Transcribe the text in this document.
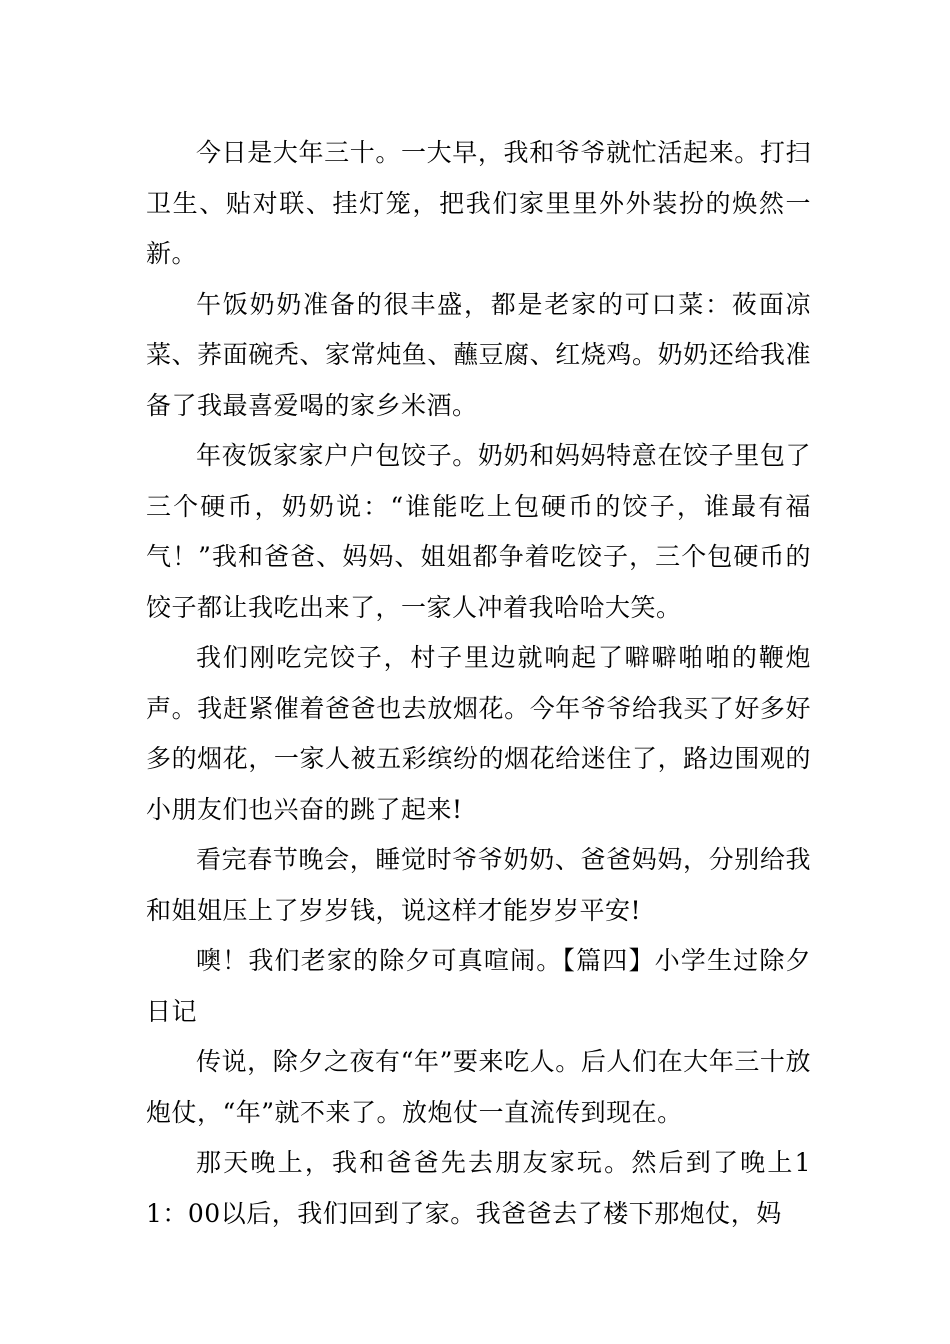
今日是大年三十。一大早，我和爷爷就忙活起来。打扫卫生、贴对联、挂灯笼，把我们家里里外外装扮的焕然一新。

午饭奶奶准备的很丰盛，都是老家的可口菜：莜面凉菜、荞面碗秃、家常炖鱼、蘸豆腐、红烧鸡。奶奶还给我准备了我最喜爱喝的家乡米酒。

年夜饭家家户户包饺子。奶奶和妈妈特意在饺子里包了三个硬币，奶奶说：“谁能吃上包硬币的饺子，谁最有福气！”我和爸爸、妈妈、姐姐都争着吃饺子，三个包硬币的饺子都让我吃出来了，一家人冲着我哈哈大笑。

我们刚吃完饺子，村子里边就响起了噼噼啪啪的鞭炮声。我赶紧催着爸爸也去放烟花。今年爷爷给我买了好多好多的烟花，一家人被五彩缤纷的烟花给迷住了，路边围观的小朋友们也兴奋的跳了起来!

看完春节晚会，睡觉时爷爷奶奶、爸爸妈妈，分别给我和姐姐压上了岁岁钱，说这样才能岁岁平安!

噢！我们老家的除夕可真喧闹。【篇四】小学生过除夕日记

传说，除夕之夜有“年”要来吃人。后人们在大年三十放炮仗，“年”就不来了。放炮仗一直流传到现在。

那天晚上，我和爸爸先去朋友家玩。然后到了晚上11：00以后，我们回到了家。我爸爸去了楼下那炮仗，妈
